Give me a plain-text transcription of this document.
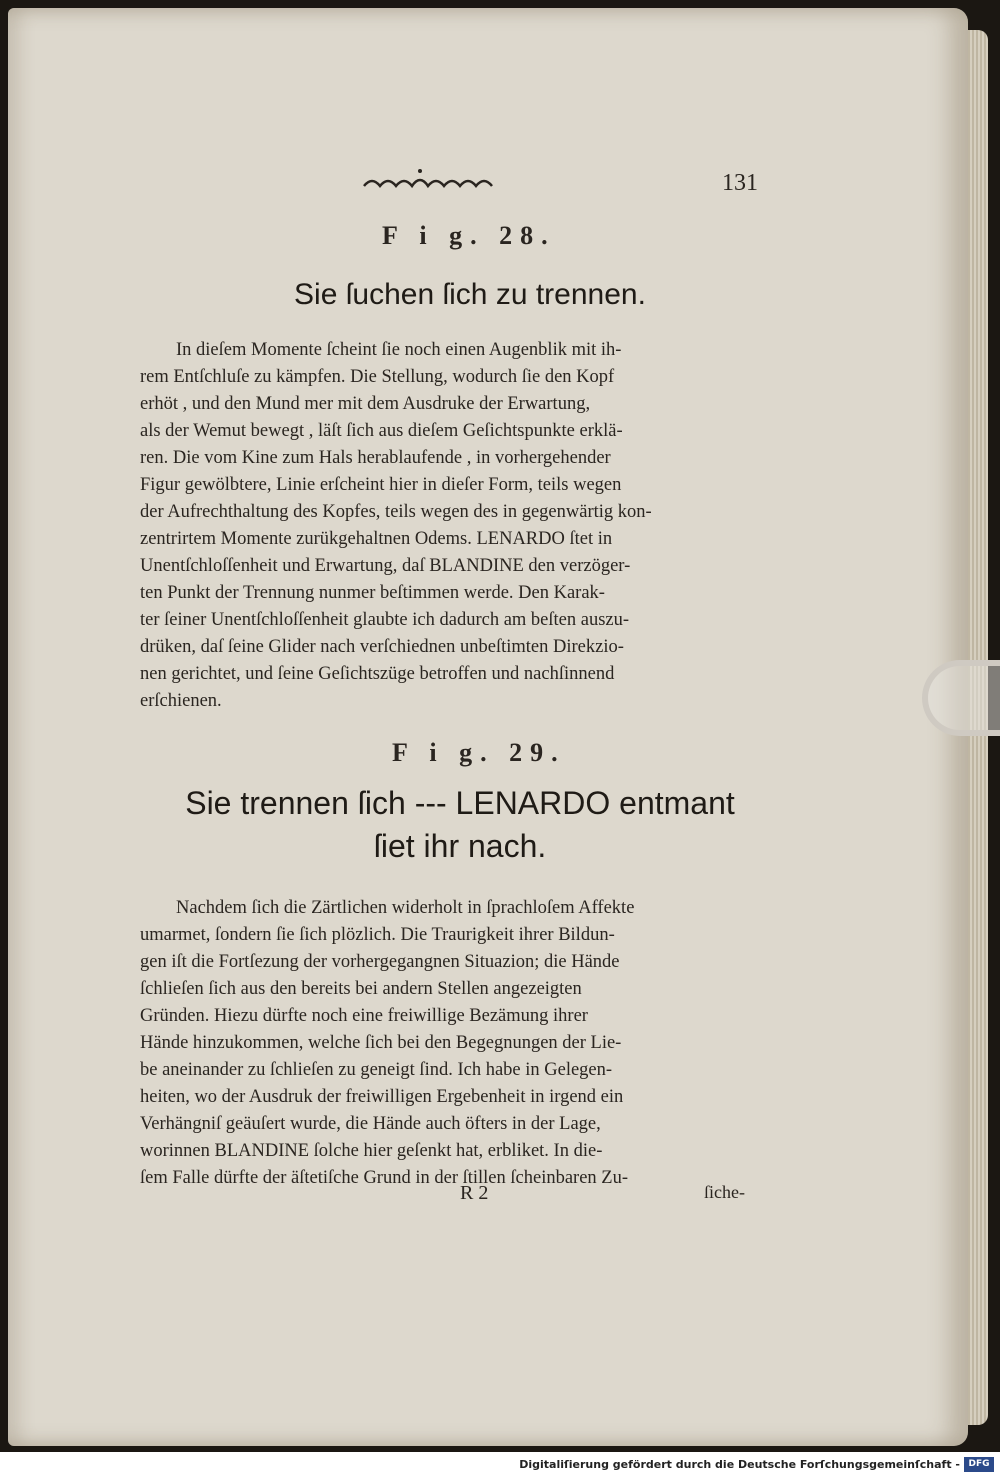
131
F i g. 28.
Sie ſuchen ſich zu trennen.
In dieſem Momente ſcheint ſie noch einen Augenblik mit ih-
rem Entſchluſe zu kämpfen. Die Stellung, wodurch ſie den Kopf
erhöt , und den Mund mer mit dem Ausdruke der Erwartung,
als der Wemut bewegt , läſt ſich aus dieſem Geſichtspunkte erklä-
ren. Die vom Kine zum Hals herablaufende , in vorhergehender
Figur gewölbtere, Linie erſcheint hier in dieſer Form, teils wegen
der Aufrechthaltung des Kopfes, teils wegen des in gegenwärtig kon-
zentrirtem Momente zurükgehaltnen Odems. LENARDO ſtet in
Unentſchloſſenheit und Erwartung, daſ BLANDINE den verzöger-
ten Punkt der Trennung nunmer beſtimmen werde. Den Karak-
ter ſeiner Unentſchloſſenheit glaubte ich dadurch am beſten auszu-
drüken, daſ ſeine Glider nach verſchiednen unbeſtimten Direkzio-
nen gerichtet, und ſeine Geſichtszüge betroffen und nachſinnend
erſchienen.
F i g. 29.
Sie trennen ſich --- LENARDO entmant
ſiet ihr nach.
Nachdem ſich die Zärtlichen widerholt in ſprachloſem Affekte
umarmet, ſondern ſie ſich plözlich. Die Traurigkeit ihrer Bildun-
gen iſt die Fortſezung der vorhergegangnen Situazion; die Hände
ſchlieſen ſich aus den bereits bei andern Stellen angezeigten
Gründen. Hiezu dürfte noch eine freiwillige Bezämung ihrer
Hände hinzukommen, welche ſich bei den Begegnungen der Lie-
be aneinander zu ſchlieſen zu geneigt ſind. Ich habe in Gelegen-
heiten, wo der Ausdruk der freiwilligen Ergebenheit in irgend ein
Verhängniſ geäuſert wurde, die Hände auch öfters in der Lage,
worinnen BLANDINE ſolche hier geſenkt hat, erbliket. In die-
ſem Falle dürfte der äſtetiſche Grund in der ſtillen ſcheinbaren Zu-
R 2	ſiche-
Digitaliſierung gefördert durch die Deutsche Forſchungsgemeinſchaft - DFG
